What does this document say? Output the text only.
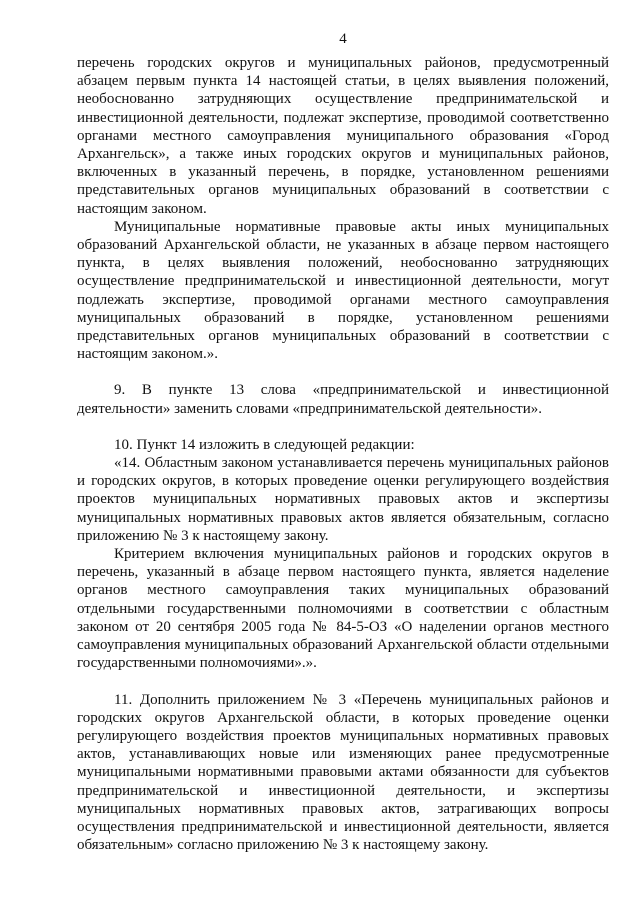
4

перечень городских округов и муниципальных районов, предусмотренный абзацем первым пункта 14 настоящей статьи, в целях выявления положений, необоснованно затрудняющих осуществление предпринимательской и инвестиционной деятельности, подлежат экспертизе, проводимой соответственно органами местного самоуправления муниципального образования «Город Архангельск», а также иных городских округов и муниципальных районов, включенных в указанный перечень, в порядке, установленном решениями представительных органов муниципальных образований в соответствии с настоящим законом.

Муниципальные нормативные правовые акты иных муниципальных образований Архангельской области, не указанных в абзаце первом настоящего пункта, в целях выявления положений, необоснованно затрудняющих осуществление предпринимательской и инвестиционной деятельности, могут подлежать экспертизе, проводимой органами местного самоуправления муниципальных образований в порядке, установленном решениями представительных органов муниципальных образований в соответствии с настоящим законом.».

9. В пункте 13 слова «предпринимательской и инвестиционной деятельности» заменить словами «предпринимательской деятельности».

10. Пункт 14 изложить в следующей редакции:

«14. Областным законом устанавливается перечень муниципальных районов и городских округов, в которых проведение оценки регулирующего воздействия проектов муниципальных нормативных правовых актов и экспертизы муниципальных нормативных правовых актов является обязательным, согласно приложению № 3 к настоящему закону.

Критерием включения муниципальных районов и городских округов в перечень, указанный в абзаце первом настоящего пункта, является наделение органов местного самоуправления таких муниципальных образований отдельными государственными полномочиями в соответствии с областным законом от 20 сентября 2005 года № 84-5-ОЗ «О наделении органов местного самоуправления муниципальных образований Архангельской области отдельными государственными полномочиями».».

11. Дополнить приложением № 3 «Перечень муниципальных районов и городских округов Архангельской области, в которых проведение оценки регулирующего воздействия проектов муниципальных нормативных правовых актов, устанавливающих новые или изменяющих ранее предусмотренные муниципальными нормативными правовыми актами обязанности для субъектов предпринимательской и инвестиционной деятельности, и экспертизы муниципальных нормативных правовых актов, затрагивающих вопросы осуществления предпринимательской и инвестиционной деятельности, является обязательным» согласно приложению № 3 к настоящему закону.
